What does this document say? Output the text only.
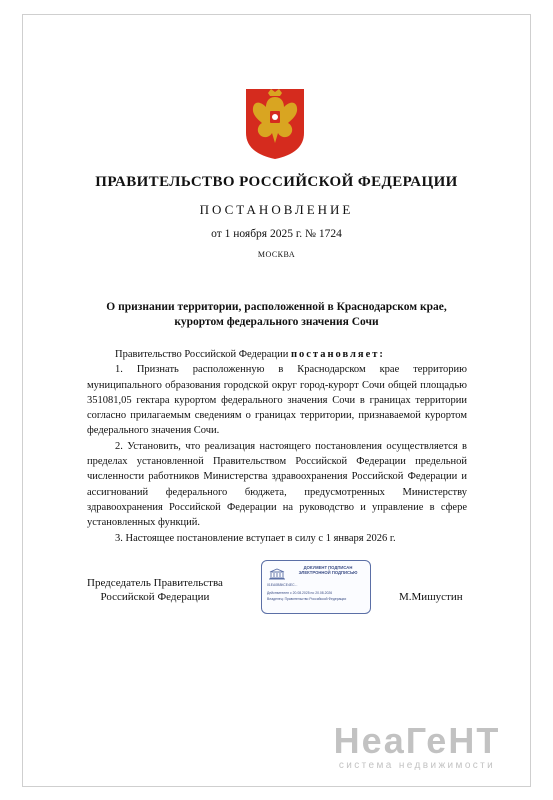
ПРАВИТЕЛЬСТВО РОССИЙСКОЙ ФЕДЕРАЦИИ
ПОСТАНОВЛЕНИЕ
от 1 ноября 2025 г. № 1724
МОСКВА
О признании территории, расположенной в Краснодарском крае,
курортом федерального значения Сочи

Правительство Российской Федерации постановляет:

1. Признать расположенную в Краснодарском крае территорию муниципального образования городской округ город-курорт Сочи общей площадью 351081,05 гектара курортом федерального значения Сочи в границах территории согласно прилагаемым сведениям о границах территории, признаваемой курортом федерального значения Сочи.

2. Установить, что реализация настоящего постановления осуществляется в пределах установленной Правительством Российской Федерации предельной численности работников Министерства здравоохранения Российской Федерации и ассигнований федерального бюджета, предусмотренных Министерству здравоохранения Российской Федерации на руководство и управление в сфере установленных функций.

3. Настоящее постановление вступает в силу с 1 января 2026 г.

Председатель Правительства
Российской Федерации
ДОКУМЕНТ ПОДПИСАН
ЭЛЕКТРОННОЙ ПОДПИСЬЮ
01ЕА0В8КСЕ4ЕС...
Действителен с 20.08.2025 по 20.08.2026
Владелец: Правительство Российской Федерации	М.Мишустин
НеаГеНТ
система недвижимости
